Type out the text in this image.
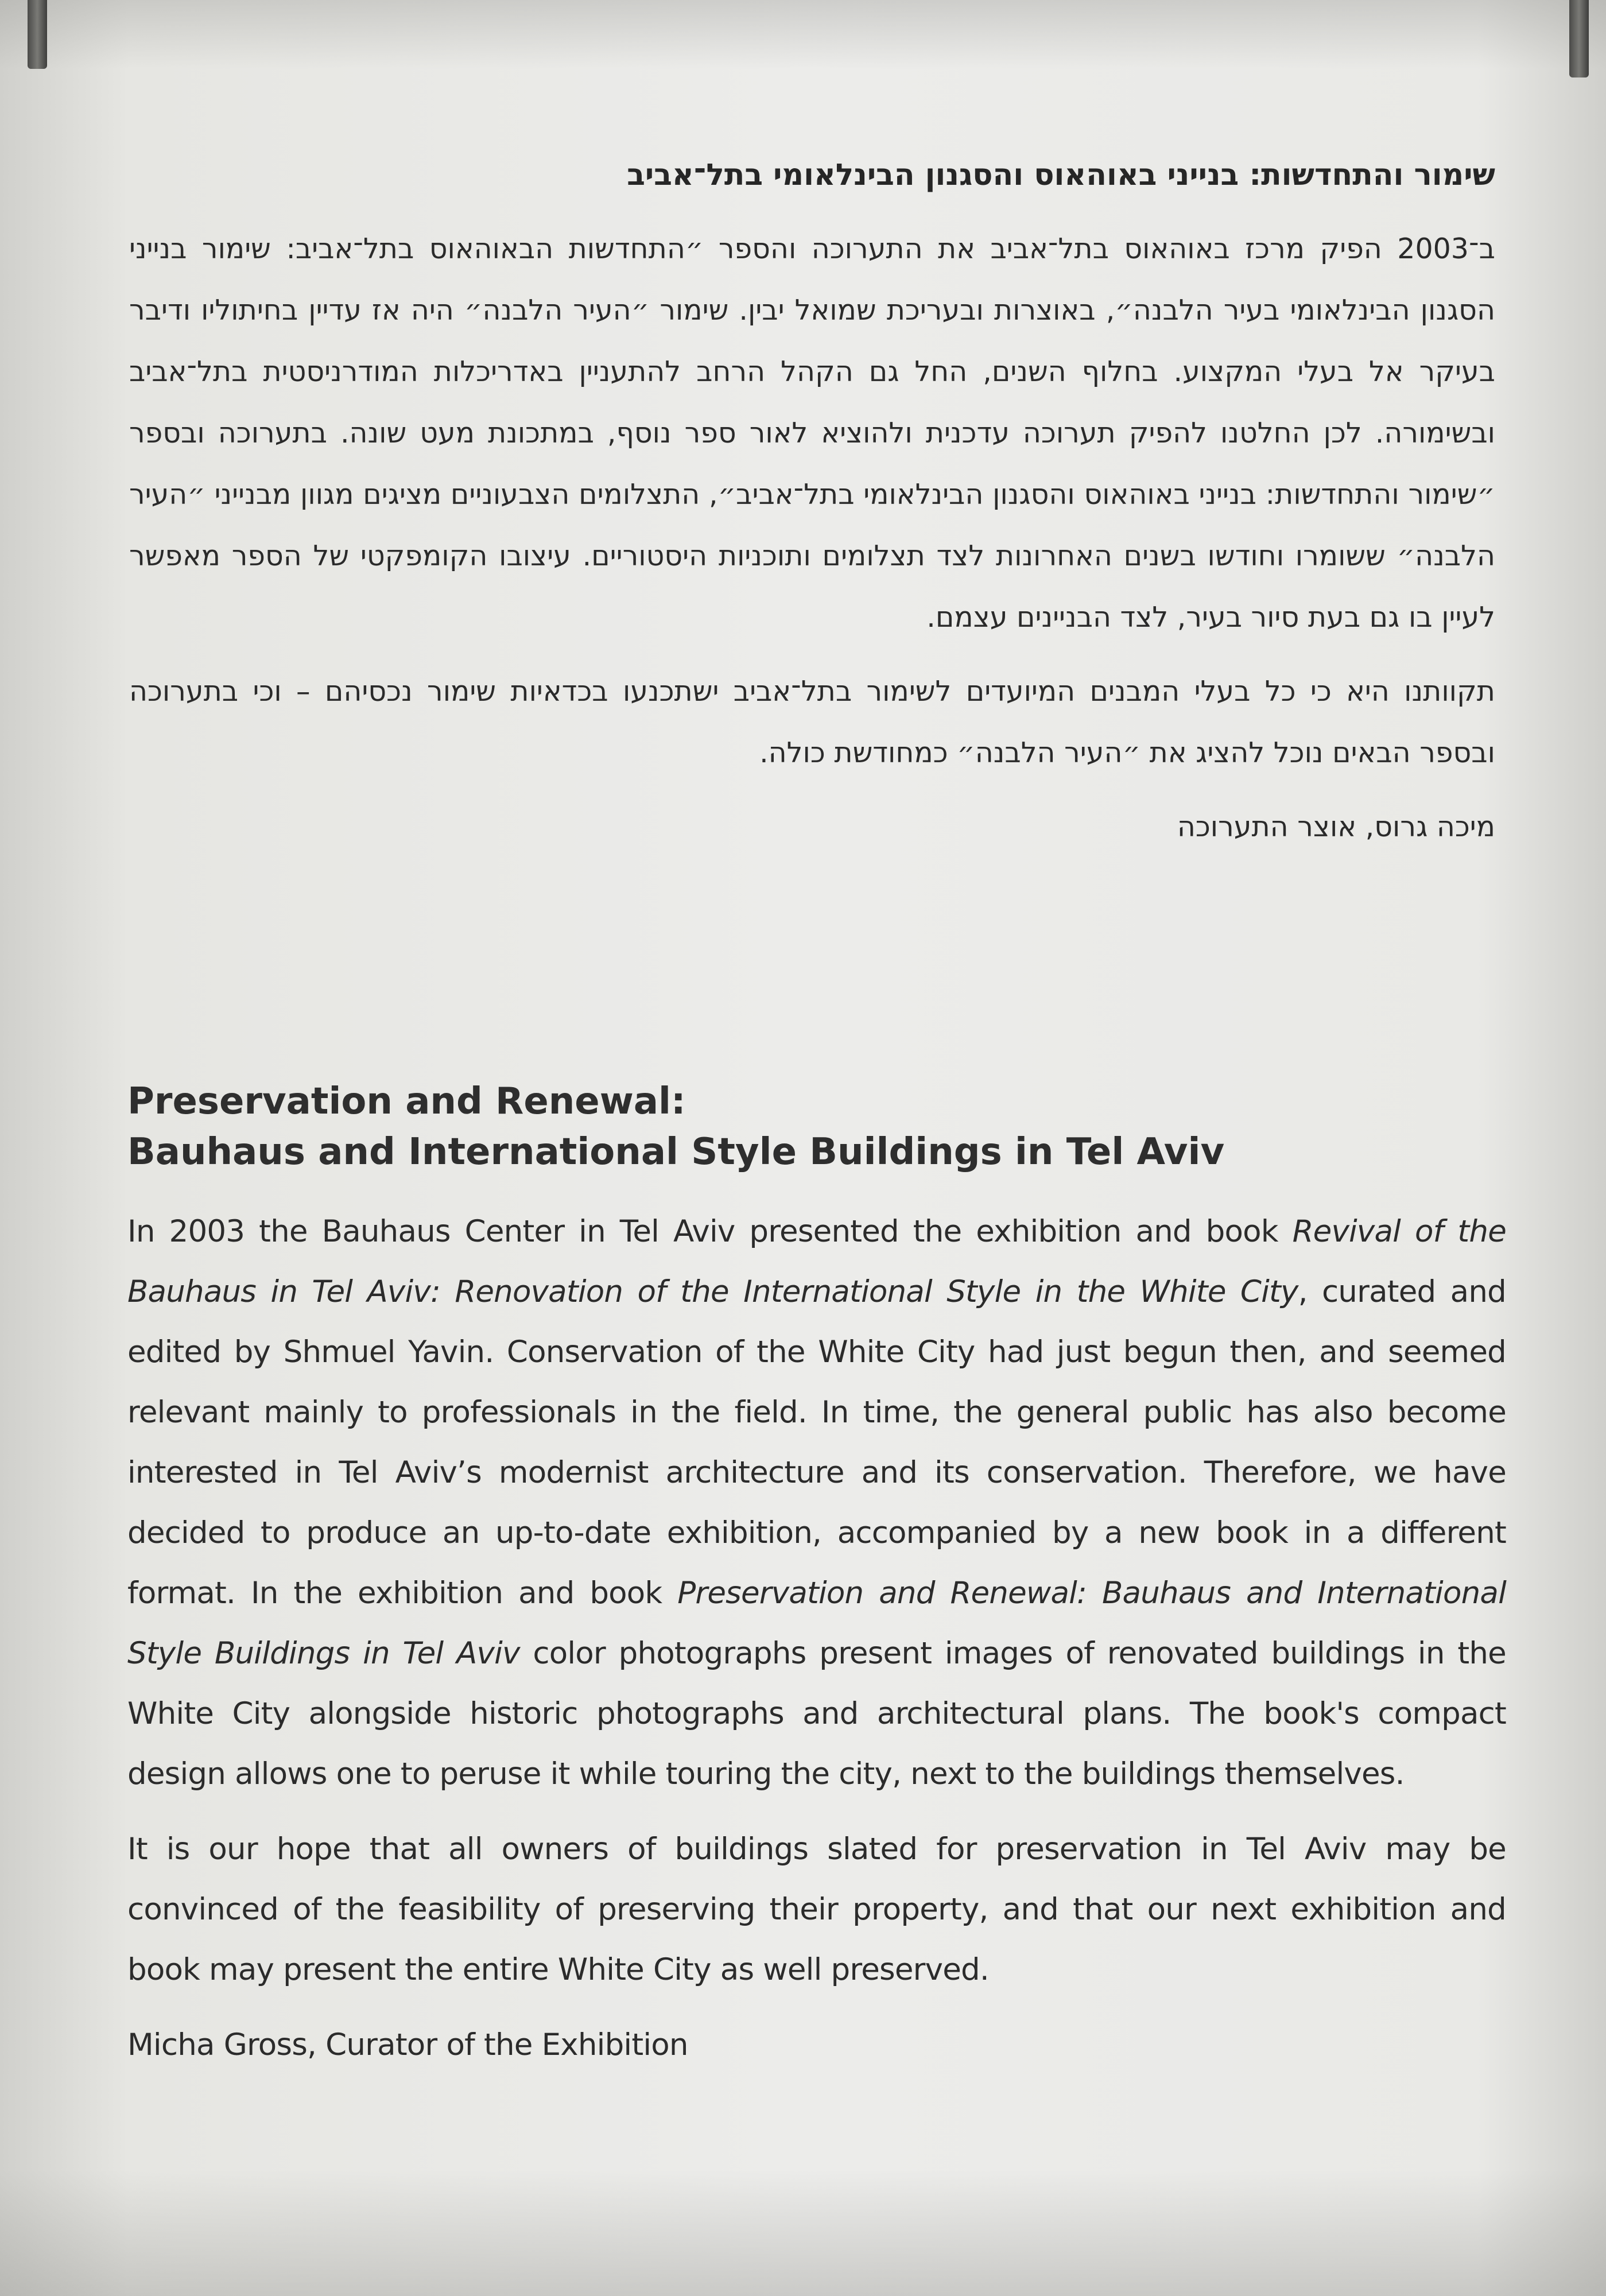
שימור והתחדשות: בנייני באוהאוס והסגנון הבינלאומי בתל־אביב

ב־2003 הפיק מרכז באוהאוס בתל־אביב את התערוכה והספר ״התחדשות הבאוהאוס בתל־אביב: שימור בנייני הסגנון הבינלאומי בעיר הלבנה״, באוצרות ובעריכת שמואל יבין. שימור ״העיר הלבנה״ היה אז עדיין בחיתוליו ודיבר בעיקר אל בעלי המקצוע. בחלוף השנים, החל גם הקהל הרחב להתעניין באדריכלות המודרניסטית בתל־אביב ובשימורה. לכן החלטנו להפיק תערוכה עדכנית ולהוציא לאור ספר נוסף, במתכונת מעט שונה. בתערוכה ובספר ״שימור והתחדשות: בנייני באוהאוס והסגנון הבינלאומי בתל־אביב״, התצלומים הצבעוניים מציגים מגוון מבנייני ״העיר הלבנה״ ששומרו וחודשו בשנים האחרונות לצד תצלומים ותוכניות היסטוריים. עיצובו הקומפקטי של הספר מאפשר לעיין בו גם בעת סיור בעיר, לצד הבניינים עצמם.

תקוותנו היא כי כל בעלי המבנים המיועדים לשימור בתל־אביב ישתכנעו בכדאיות שימור נכסיהם – וכי בתערוכה ובספר הבאים נוכל להציג את ״העיר הלבנה״ כמחודשת כולה.

מיכה גרוס, אוצר התערוכה

Preservation and Renewal:
Bauhaus and International Style Buildings in Tel Aviv

In 2003 the Bauhaus Center in Tel Aviv presented the exhibition and book Revival of the Bauhaus in Tel Aviv: Renovation of the International Style in the White City, curated and edited by Shmuel Yavin. Conservation of the White City had just begun then, and seemed relevant mainly to professionals in the field. In time, the general public has also become interested in Tel Aviv’s modernist architecture and its conservation. Therefore, we have decided to produce an up-to-date exhibition, accompanied by a new book in a different format. In the exhibition and book Preservation and Renewal: Bauhaus and International Style Buildings in Tel Aviv color photographs present images of renovated buildings in the White City alongside historic photographs and architectural plans. The book's compact design allows one to peruse it while touring the city, next to the buildings themselves.

It is our hope that all owners of buildings slated for preservation in Tel Aviv may be convinced of the feasibility of preserving their property, and that our next exhibition and book may present the entire White City as well preserved.

Micha Gross, Curator of the Exhibition
